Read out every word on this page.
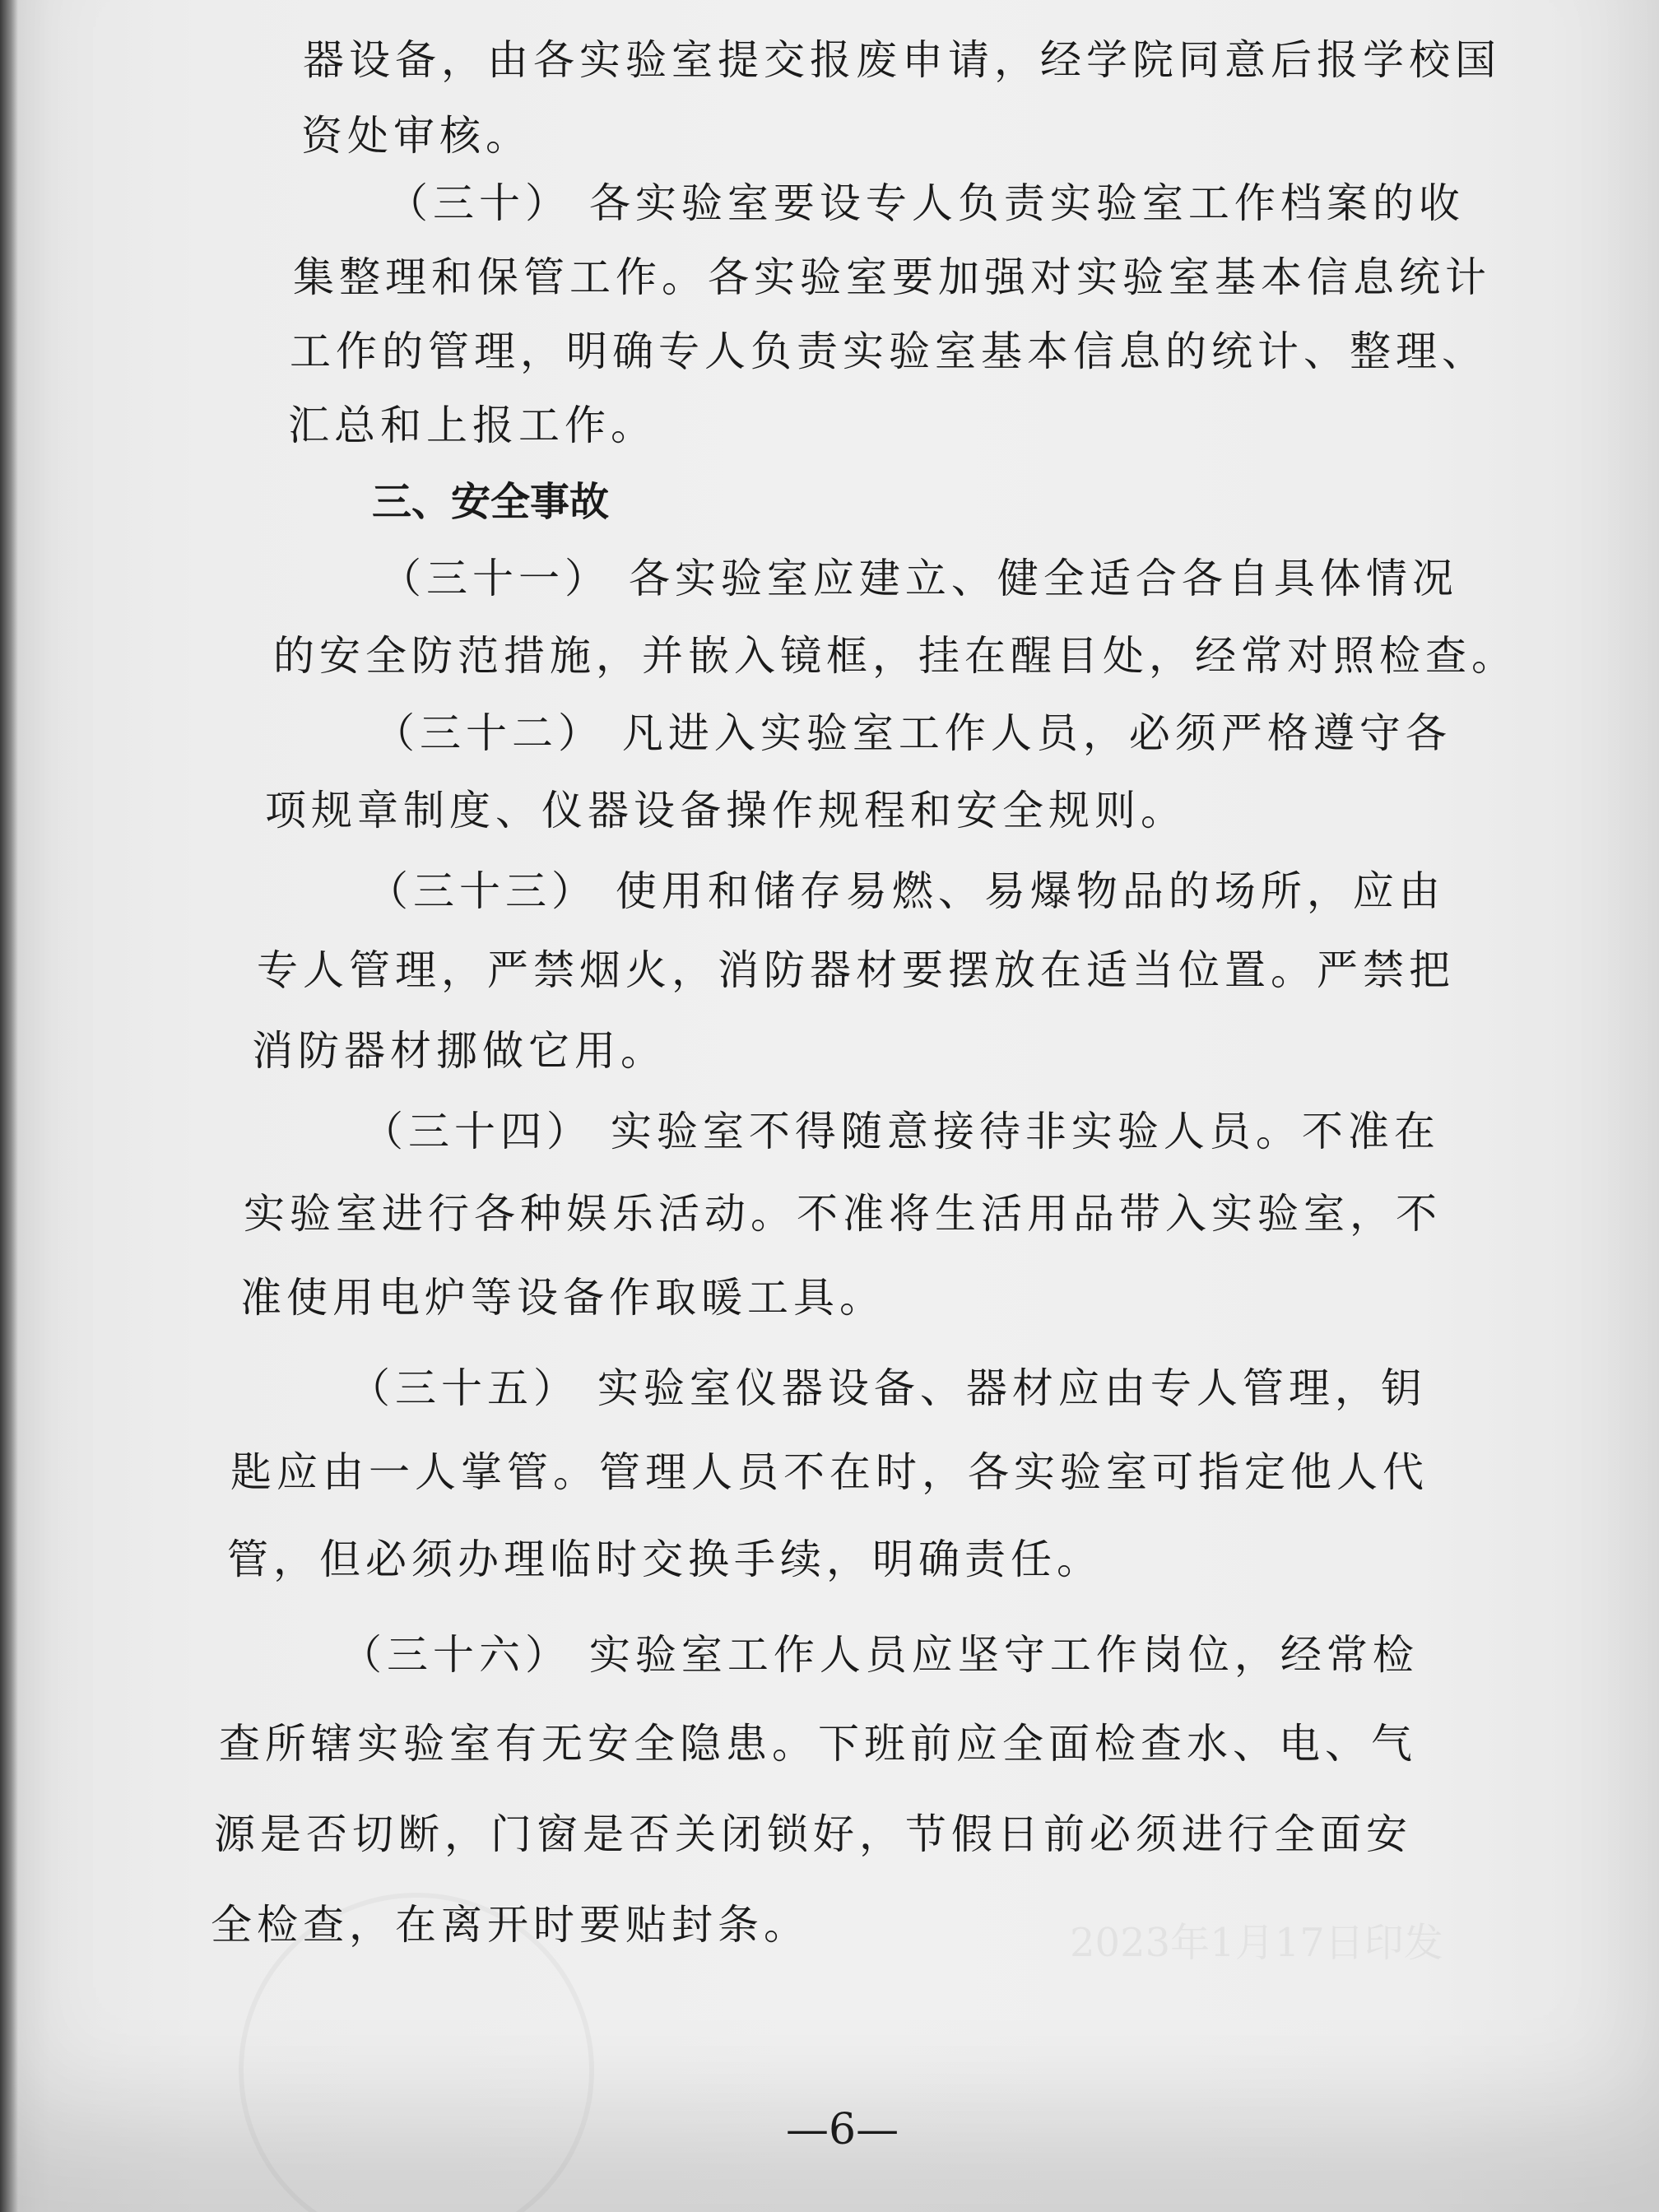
2023年1月17日印发
器设备，由各实验室提交报废申请，经学院同意后报学校国
资处审核。
（三十） 各实验室要设专人负责实验室工作档案的收
集整理和保管工作。各实验室要加强对实验室基本信息统计
工作的管理，明确专人负责实验室基本信息的统计、整理、
汇总和上报工作。
三、安全事故
（三十一） 各实验室应建立、健全适合各自具体情况
的安全防范措施，并嵌入镜框，挂在醒目处，经常对照检查。
（三十二） 凡进入实验室工作人员，必须严格遵守各
项规章制度、仪器设备操作规程和安全规则。
（三十三） 使用和储存易燃、易爆物品的场所，应由
专人管理，严禁烟火，消防器材要摆放在适当位置。严禁把
消防器材挪做它用。
（三十四） 实验室不得随意接待非实验人员。不准在
实验室进行各种娱乐活动。不准将生活用品带入实验室，不
准使用电炉等设备作取暖工具。
（三十五） 实验室仪器设备、器材应由专人管理，钥
匙应由一人掌管。管理人员不在时，各实验室可指定他人代
管，但必须办理临时交换手续，明确责任。
（三十六） 实验室工作人员应坚守工作岗位，经常检
查所辖实验室有无安全隐患。下班前应全面检查水、电、气
源是否切断，门窗是否关闭锁好，节假日前必须进行全面安
全检查，在离开时要贴封条。
—6—
